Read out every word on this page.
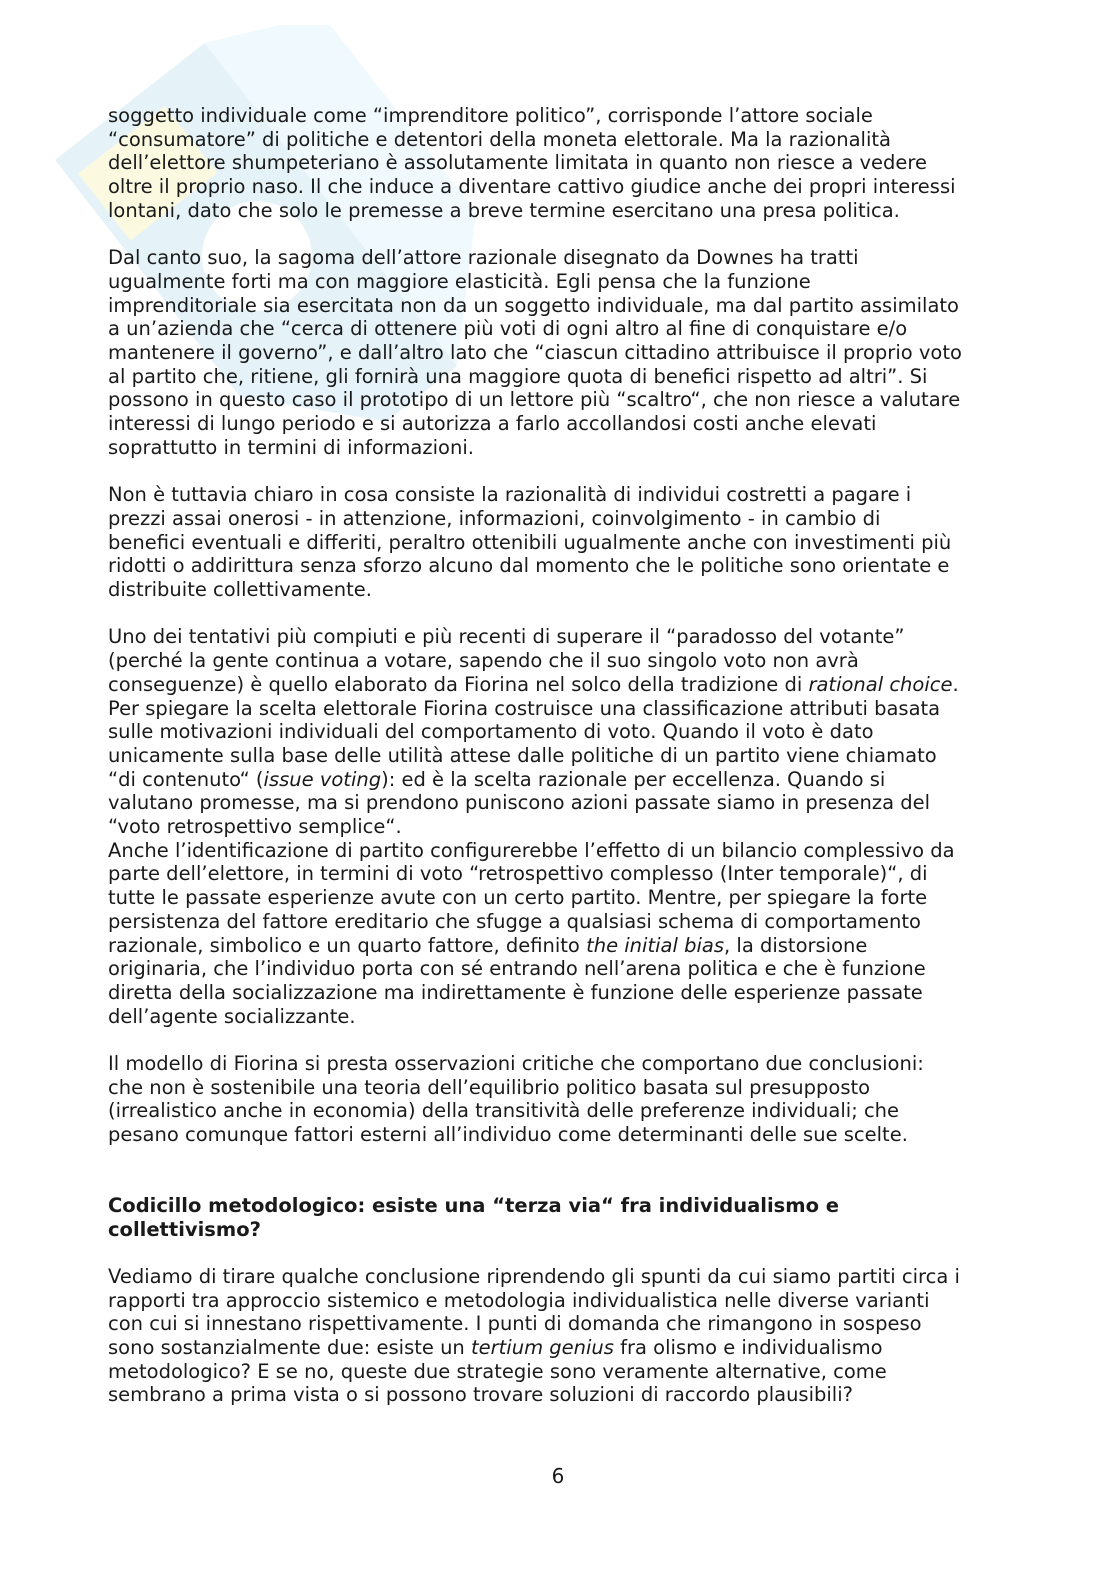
soggetto individuale come “imprenditore politico”, corrisponde l’attore sociale
“consumatore” di politiche e detentori della moneta elettorale. Ma la razionalità
dell’elettore shumpeteriano è assolutamente limitata in quanto non riesce a vedere
oltre il proprio naso. Il che induce a diventare cattivo giudice anche dei propri interessi
lontani, dato che solo le premesse a breve termine esercitano una presa politica.

Dal canto suo, la sagoma dell’attore razionale disegnato da Downes ha tratti
ugualmente forti ma con maggiore elasticità. Egli pensa che la funzione
imprenditoriale sia esercitata non da un soggetto individuale, ma dal partito assimilato
a un’azienda che “cerca di ottenere più voti di ogni altro al fine di conquistare e/o
mantenere il governo”, e dall’altro lato che “ciascun cittadino attribuisce il proprio voto
al partito che, ritiene, gli fornirà una maggiore quota di benefici rispetto ad altri”. Si
possono in questo caso il prototipo di un lettore più “scaltro“, che non riesce a valutare
interessi di lungo periodo e si autorizza a farlo accollandosi costi anche elevati
soprattutto in termini di informazioni.

Non è tuttavia chiaro in cosa consiste la razionalità di individui costretti a pagare i
prezzi assai onerosi - in attenzione, informazioni, coinvolgimento - in cambio di
benefici eventuali e differiti, peraltro ottenibili ugualmente anche con investimenti più
ridotti o addirittura senza sforzo alcuno dal momento che le politiche sono orientate e
distribuite collettivamente.

Uno dei tentativi più compiuti e più recenti di superare il “paradosso del votante”
(perché la gente continua a votare, sapendo che il suo singolo voto non avrà
conseguenze) è quello elaborato da Fiorina nel solco della tradizione di rational choice.
Per spiegare la scelta elettorale Fiorina costruisce una classificazione attributi basata
sulle motivazioni individuali del comportamento di voto. Quando il voto è dato
unicamente sulla base delle utilità attese dalle politiche di un partito viene chiamato
“di contenuto“ (issue voting): ed è la scelta razionale per eccellenza. Quando si
valutano promesse, ma si prendono puniscono azioni passate siamo in presenza del
“voto retrospettivo semplice“.

Anche l’identificazione di partito configurerebbe l’effetto di un bilancio complessivo da
parte dell’elettore, in termini di voto “retrospettivo complesso (Inter temporale)“, di
tutte le passate esperienze avute con un certo partito. Mentre, per spiegare la forte
persistenza del fattore ereditario che sfugge a qualsiasi schema di comportamento
razionale, simbolico e un quarto fattore, definito the initial bias, la distorsione
originaria, che l’individuo porta con sé entrando nell’arena politica e che è funzione
diretta della socializzazione ma indirettamente è funzione delle esperienze passate
dell’agente socializzante.

Il modello di Fiorina si presta osservazioni critiche che comportano due conclusioni:
che non è sostenibile una teoria dell’equilibrio politico basata sul presupposto
(irrealistico anche in economia) della transitività delle preferenze individuali; che
pesano comunque fattori esterni all’individuo come determinanti delle sue scelte.

Codicillo metodologico: esiste una “terza via“ fra individualismo e
collettivismo?

Vediamo di tirare qualche conclusione riprendendo gli spunti da cui siamo partiti circa i
rapporti tra approccio sistemico e metodologia individualistica nelle diverse varianti
con cui si innestano rispettivamente. I punti di domanda che rimangono in sospeso
sono sostanzialmente due: esiste un tertium genius fra olismo e individualismo
metodologico? E se no, queste due strategie sono veramente alternative, come
sembrano a prima vista o si possono trovare soluzioni di raccordo plausibili?

6
